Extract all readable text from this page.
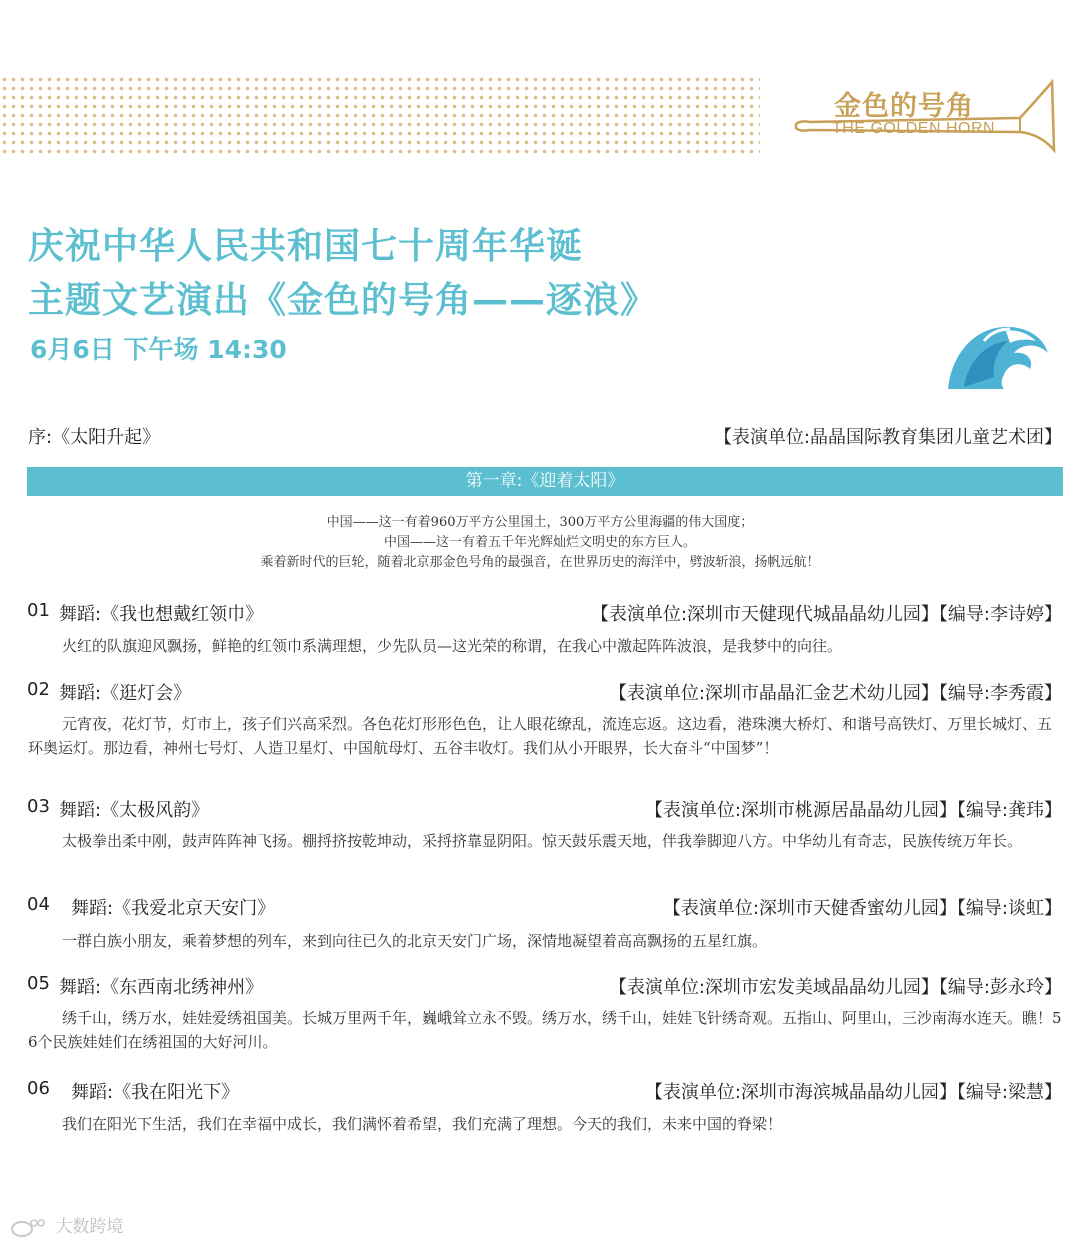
金色的号角
THE GOLDEN HORN
庆祝中华人民共和国七十周年华诞
主题文艺演出《金色的号角——逐浪》
6月6日 下午场 14:30
序:《太阳升起》	【表演单位:晶晶国际教育集团儿童艺术团】
第一章:《迎着太阳》
中国——这一有着960万平方公里国土，300万平方公里海疆的伟大国度；
中国——这一有着五千年光辉灿烂文明史的东方巨人。
乘着新时代的巨轮，随着北京那金色号角的最强音，在世界历史的海洋中，劈波斩浪，扬帆远航！
01 舞蹈:《我也想戴红领巾》	【表演单位:深圳市天健现代城晶晶幼儿园】【编导:李诗婷】
火红的队旗迎风飘扬，鲜艳的红领巾系满理想，少先队员—这光荣的称谓，在我心中激起阵阵波浪，是我梦中的向往。
02 舞蹈:《逛灯会》	【表演单位:深圳市晶晶汇金艺术幼儿园】【编导:李秀霞】
元宵夜，花灯节，灯市上，孩子们兴高采烈。各色花灯形形色色，让人眼花缭乱，流连忘返。这边看，港珠澳大桥灯、和谐号高铁灯、万里长城灯、五环奥运灯。那边看，神州七号灯、人造卫星灯、中国航母灯、五谷丰收灯。我们从小开眼界，长大奋斗“中国梦”！
03 舞蹈:《太极风韵》	【表演单位:深圳市桃源居晶晶幼儿园】【编导:龚玮】
太极拳出柔中刚，鼓声阵阵神飞扬。棚捋挤按乾坤动，采捋挤靠显阴阳。惊天鼓乐震天地，伴我拳脚迎八方。中华幼儿有奇志，民族传统万年长。
04 舞蹈:《我爱北京天安门》	【表演单位:深圳市天健香蜜幼儿园】【编导:谈虹】
一群白族小朋友，乘着梦想的列车，来到向往已久的北京天安门广场，深情地凝望着高高飘扬的五星红旗。
05 舞蹈:《东西南北绣神州》	【表演单位:深圳市宏发美域晶晶幼儿园】【编导:彭永玲】
绣千山，绣万水，娃娃爱绣祖国美。长城万里两千年，巍峨耸立永不毁。绣万水，绣千山，娃娃飞针绣奇观。五指山、阿里山，三沙南海水连天。瞧！56个民族娃娃们在绣祖国的大好河川。
06 舞蹈:《我在阳光下》	【表演单位:深圳市海滨城晶晶幼儿园】【编导:梁慧】
我们在阳光下生活，我们在幸福中成长，我们满怀着希望，我们充满了理想。今天的我们，未来中国的脊梁！
大数跨境
